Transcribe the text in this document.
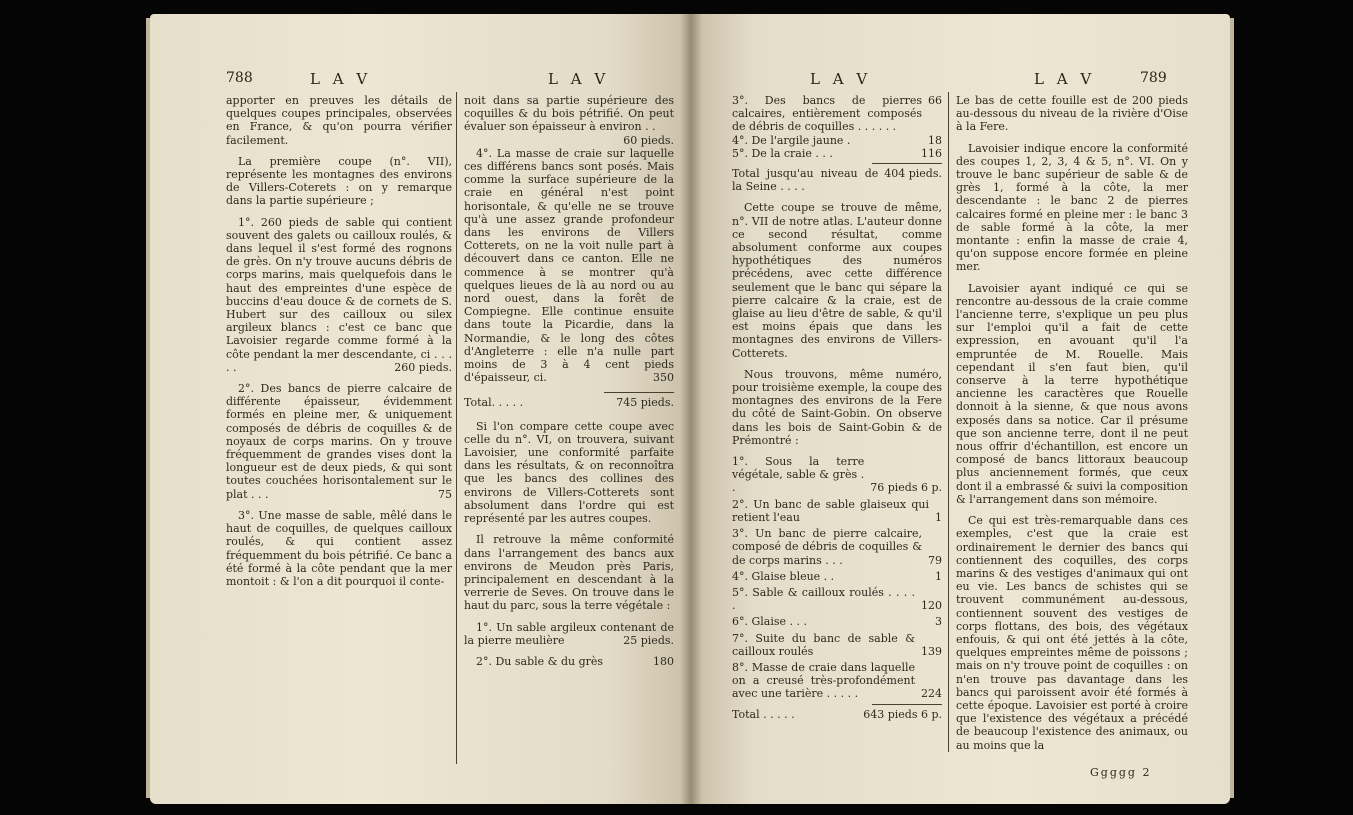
788	L A V	L A V

apporter en preuves les détails de quelques coupes principales, observées en France, & qu'on pourra vérifier facilement.

La première coupe (n°. VII), représente les montagnes des environs de Villers-Coterets : on y remarque dans la partie supérieure ;

1°. 260 pieds de sable qui contient souvent des galets ou cailloux roulés, & dans lequel il s'est formé des rognons de grès. On n'y trouve aucuns débris de corps marins, mais quelquefois dans le haut des empreintes d'une espèce de buccins d'eau douce & de cornets de S. Hubert sur des cailloux ou silex argileux blancs : c'est ce banc que Lavoisier regarde comme formé à la côte pendant la mer descendante, ci . . . . .	260 pieds.

2°. Des bancs de pierre calcaire de différente épaisseur, évidemment formés en pleine mer, & uniquement composés de débris de coquilles & de noyaux de corps marins. On y trouve fréquemment de grandes vises dont la longueur est de deux pieds, & qui sont toutes couchées horisontalement sur le plat . . .	75

3°. Une masse de sable, mêlé dans le haut de coquilles, de quelques cailloux roulés, & qui contient assez fréquemment du bois pétrifié. Ce banc a été formé à la côte pendant que la mer montoit : & l'on a dit pourquoi il conte-

noit dans sa partie supérieure des coquilles & du bois pétrifié. On peut évaluer son épaisseur à environ . .
60 pieds.

4°. La masse de craie sur laquelle ces différens bancs sont posés. Mais comme la surface supérieure de la craie en général n'est point horisontale, & qu'elle ne se trouve qu'à une assez grande profondeur dans les environs de Villers Cotterets, on ne la voit nulle part à découvert dans ce canton. Elle ne commence à se montrer qu'à quelques lieues de là au nord ou au nord ouest, dans la forêt de Compiegne. Elle continue ensuite dans toute la Picardie, dans la Normandie, & le long des côtes d'Angleterre : elle n'a nulle part moins de 3 à 4 cent pieds d'épaisseur, ci.	350

Total. . . . .	745 pieds.

Si l'on compare cette coupe avec celle du n°. VI, on trouvera, suivant Lavoisier, une conformité parfaite dans les résultats, & on reconnoîtra que les bancs des collines des environs de Villers-Cotterets sont absolument dans l'ordre qui est représenté par les autres coupes.

Il retrouve la même conformité dans l'arrangement des bancs aux environs de Meudon près Paris, principalement en descendant à la verrerie de Seves. On trouve dans le haut du parc, sous la terre végétale :

1°. Un sable argileux contenant de la pierre meulière	25 pieds.

2°. Du sable & du grès	180

L A V	L A V	789
3°. Des bancs de pierres calcaires, entièrement composés de débris de coquilles . . . . . .
66
4°. De l'argile jaune .	18
5°. De la craie . . .	116
Total jusqu'au niveau de la Seine . . . .
404 pieds.

Cette coupe se trouve de même, n°. VII de notre atlas. L'auteur donne ce second résultat, comme absolument conforme aux coupes hypothétiques des numéros précédens, avec cette différence seulement que le banc qui sépare la pierre calcaire & la craie, est de glaise au lieu d'être de sable, & qu'il est moins épais que dans les montagnes des environs de Villers-Cotterets.

Nous trouvons, même numéro, pour troisième exemple, la coupe des montagnes des environs de la Fere du côté de Saint-Gobin. On observe dans les bois de Saint-Gobin & de Prémontré :

1°. Sous la terre végétale, sable & grès . .	76 pieds 6 p.
2°. Un banc de sable glaiseux qui retient l'eau	1
3°. Un banc de pierre calcaire, composé de débris de coquilles & de corps marins . . .	79
4°. Glaise bleue . .	1
5°. Sable & cailloux roulés . . . . .	120
6°. Glaise . . .	3
7°. Suite du banc de sable & cailloux roulés	139
8°. Masse de craie dans laquelle on a creusé très-profondément avec une tarière . . . . .	224
Total . . . . .	643 pieds 6 p.

Le bas de cette fouille est de 200 pieds au-dessous du niveau de la rivière d'Oise à la Fere.

Lavoisier indique encore la conformité des coupes 1, 2, 3, 4 & 5, n°. VI. On y trouve le banc supérieur de sable & de grès 1, formé à la côte, la mer descendante : le banc 2 de pierres calcaires formé en pleine mer : le banc 3 de sable formé à la côte, la mer montante : enfin la masse de craie 4, qu'on suppose encore formée en pleine mer.

Lavoisier ayant indiqué ce qui se rencontre au-dessous de la craie comme l'ancienne terre, s'explique un peu plus sur l'emploi qu'il a fait de cette expression, en avouant qu'il l'a empruntée de M. Rouelle. Mais cependant il s'en faut bien, qu'il conserve à la terre hypothétique ancienne les caractères que Rouelle donnoit à la sienne, & que nous avons exposés dans sa notice. Car il présume que son ancienne terre, dont il ne peut nous offrir d'échantillon, est encore un composé de bancs littoraux beaucoup plus anciennement formés, que ceux dont il a embrassé & suivi la composition & l'arrangement dans son mémoire.

Ce qui est très-remarquable dans ces exemples, c'est que la craie est ordinairement le dernier des bancs qui contiennent des coquilles, des corps marins & des vestiges d'animaux qui ont eu vie. Les bancs de schistes qui se trouvent communément au-dessous, contiennent souvent des vestiges de corps flottans, des bois, des végétaux enfouis, & qui ont été jettés à la côte, quelques empreintes même de poissons ; mais on n'y trouve point de coquilles : on n'en trouve pas davantage dans les bancs qui paroissent avoir été formés à cette époque. Lavoisier est porté à croire que l'existence des végétaux a précédé de beaucoup l'existence des animaux, ou au moins que la

Ggggg 2
